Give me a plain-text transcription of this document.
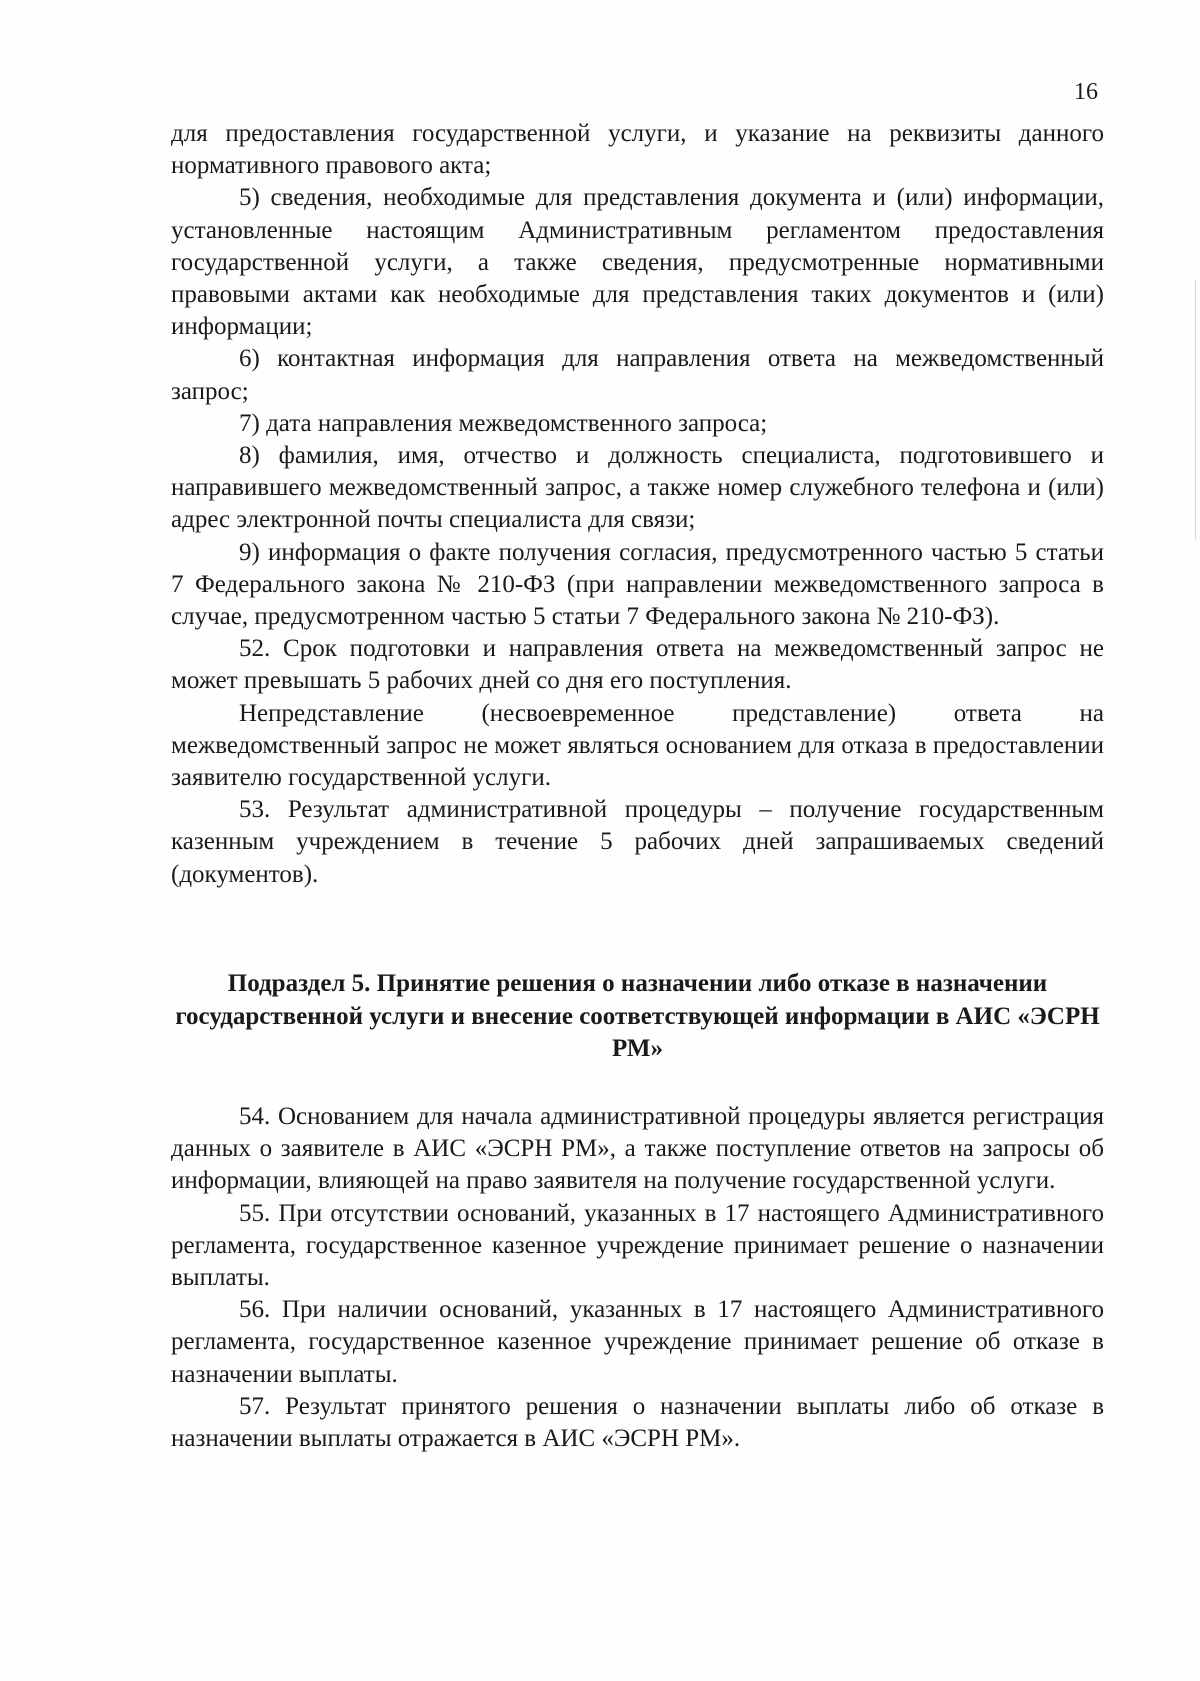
16

для предоставления государственной услуги, и указание на реквизиты данного нормативного правового акта;

5) сведения, необходимые для представления документа и (или) информации, установленные настоящим Административным регламентом предоставления государственной услуги, а также сведения, предусмотренные нормативными правовыми актами как необходимые для представления таких документов и (или) информации;

6) контактная информация для направления ответа на межведомственный запрос;

7) дата направления межведомственного запроса;

8) фамилия, имя, отчество и должность специалиста, подготовившего и направившего межведомственный запрос, а также номер служебного телефона и (или) адрес электронной почты специалиста для связи;

9) информация о факте получения согласия, предусмотренного частью 5 статьи 7 Федерального закона № 210-ФЗ (при направлении межведомственного запроса в случае, предусмотренном частью 5 статьи 7 Федерального закона № 210-ФЗ).

52. Срок подготовки и направления ответа на межведомственный запрос не может превышать 5 рабочих дней со дня его поступления.

Непредставление (несвоевременное представление) ответа на межведомственный запрос не может являться основанием для отказа в предоставлении заявителю государственной услуги.

53. Результат административной процедуры – получение государственным казенным учреждением в течение 5 рабочих дней запрашиваемых сведений (документов).

Подраздел 5. Принятие решения о назначении либо отказе в назначении государственной услуги и внесение соответствующей информации в АИС «ЭСРН РМ»

54. Основанием для начала административной процедуры является регистрация данных о заявителе в АИС «ЭСРН РМ», а также поступление ответов на запросы об информации, влияющей на право заявителя на получение государственной услуги.

55. При отсутствии оснований, указанных в 17 настоящего Административного регламента, государственное казенное учреждение принимает решение о назначении выплаты.

56. При наличии оснований, указанных в 17 настоящего Административного регламента, государственное казенное учреждение принимает решение об отказе в назначении выплаты.

57. Результат принятого решения о назначении выплаты либо об отказе в назначении выплаты отражается в АИС «ЭСРН РМ».
